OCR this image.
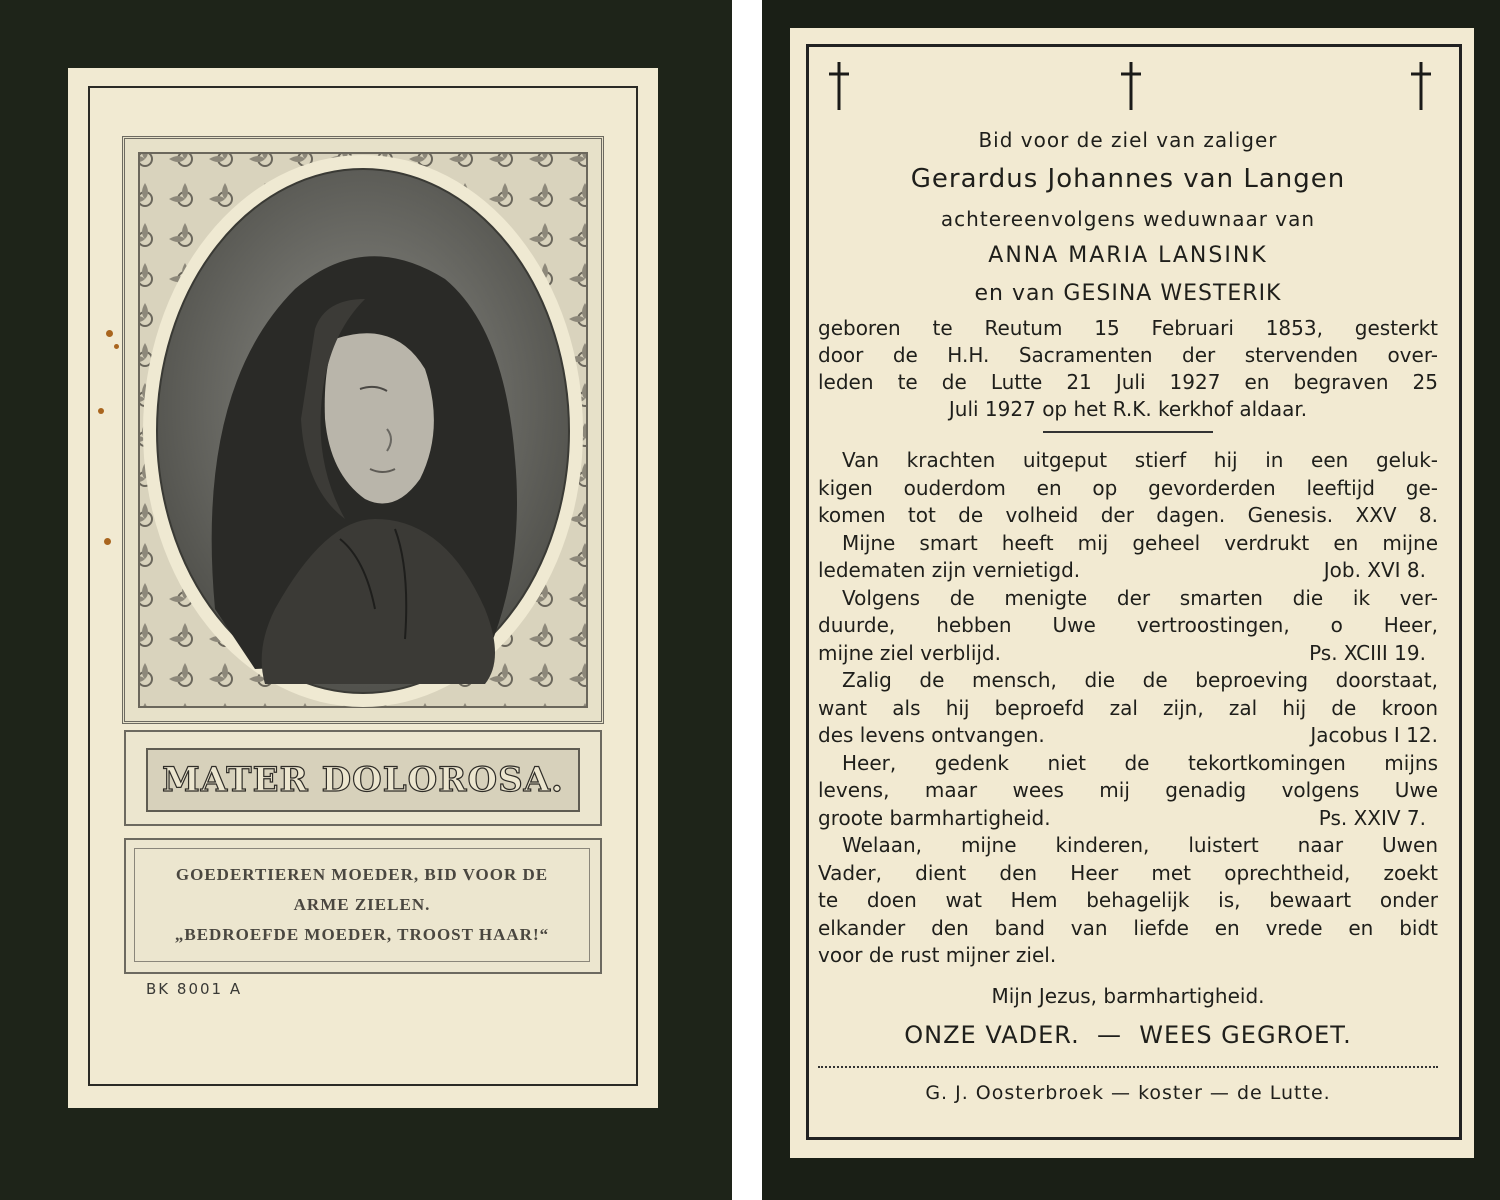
MATER DOLOROSA.
GOEDERTIEREN MOEDER, BID VOOR DE
ARME ZIELEN.
„BEDROEFDE MOEDER, TROOST HAAR!“
BK 8001 A
Bid voor de ziel van zaliger
Gerardus Johannes van Langen
achtereenvolgens weduwnaar van
ANNA MARIA LANSINK
en van GESINA WESTERIK
geboren te Reutum 15 Februari 1853, gesterkt
door de H.H. Sacramenten der stervenden over-
leden te de Lutte 21 Juli 1927 en begraven 25
Juli 1927 op het R.K. kerkhof aldaar.
Van krachten uitgeput stierf hij in een geluk-
kigen ouderdom en op gevorderden leeftijd ge-
komen tot de volheid der dagen. Genesis. XXV 8.
Mijne smart heeft mij geheel verdrukt en mijne
ledematen zijn vernietigd.	Job. XVI 8.
Volgens de menigte der smarten die ik ver-
duurde, hebben Uwe vertroostingen, o Heer,
mijne ziel verblijd.	Ps. XCIII 19.
Zalig de mensch, die de beproeving doorstaat,
want als hij beproefd zal zijn, zal hij de kroon
des levens ontvangen.	Jacobus I 12.
Heer, gedenk niet de tekortkomingen mijns
levens, maar wees mij genadig volgens Uwe
groote barmhartigheid.	Ps. XXIV 7.
Welaan, mijne kinderen, luistert naar Uwen
Vader, dient den Heer met oprechtheid, zoekt
te doen wat Hem behagelijk is, bewaart onder
elkander den band van liefde en vrede en bidt
voor de rust mijner ziel.
Mijn Jezus, barmhartigheid.
ONZE VADER.  —  WEES GEGROET.
G. J. Oosterbroek — koster — de Lutte.
